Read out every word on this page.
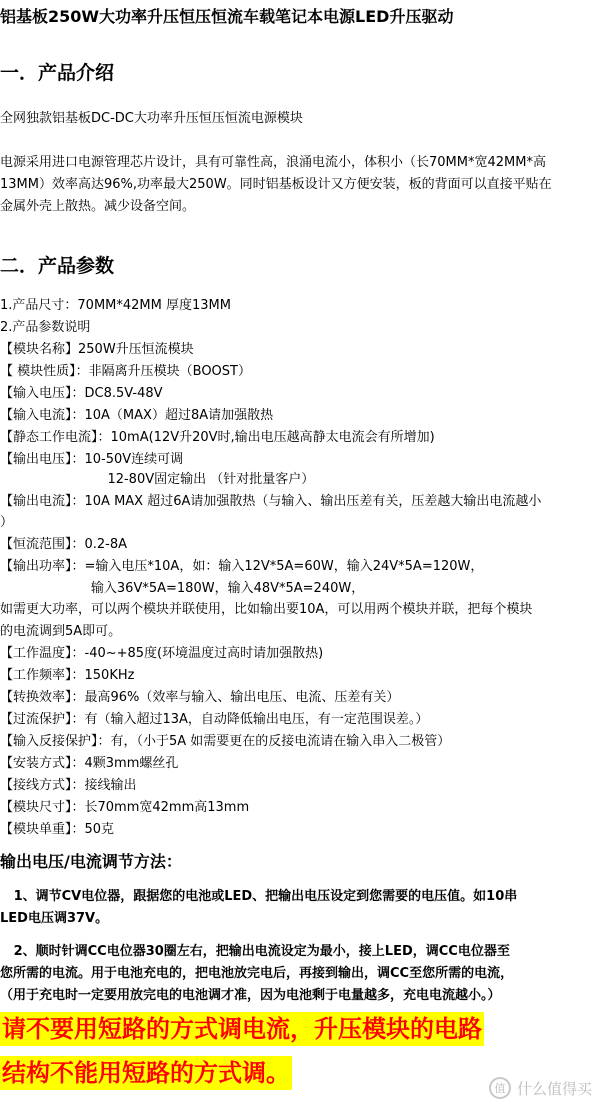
铝基板250W大功率升压恒压恒流车载笔记本电源LED升压驱动
一．产品介绍
全网独款铝基板DC-DC大功率升压恒压恒流电源模块
电源采用进口电源管理芯片设计，具有可靠性高，浪涌电流小，体积小（长70MM*宽42MM*高
13MM）效率高达96%,功率最大250W。同时铝基板设计又方便安装，板的背面可以直接平贴在
金属外壳上散热。减少设备空间。
二．产品参数
1.产品尺寸：70MM*42MM 厚度13MM
2.产品参数说明
【模块名称】250W升压恒流模块
【 模块性质】：非隔离升压模块（BOOST）
【输入电压】：DC8.5V-48V
【输入电流】：10A（MAX）超过8A请加强散热
【静态工作电流】：10mA(12V升20V时,输出电压越高静太电流会有所增加)
【输出电压】：10-50V连续可调
12-80V固定输出 （针对批量客户）
【输出电流】：10A MAX 超过6A请加强散热（与输入、输出压差有关，压差越大输出电流越小
）
【恒流范围】：0.2-8A
【输出功率】：=输入电压*10A，如：输入12V*5A=60W，输入24V*5A=120W，
输入36V*5A=180W，输入48V*5A=240W，
如需更大功率，可以两个模块并联使用，比如输出要10A，可以用两个模块并联，把每个模块
的电流调到5A即可。
【工作温度】：-40~+85度(环境温度过高时请加强散热)
【工作频率】：150KHz
【转换效率】：最高96%（效率与输入、输出电压、电流、压差有关）
【过流保护】：有（输入超过13A，自动降低输出电压，有一定范围误差。）
【输入反接保护】：有，（小于5A 如需要更在的反接电流请在输入串入二极管）
【安装方式】：4颗3mm螺丝孔
【接线方式】：接线输出
【模块尺寸】：长70mm宽42mm高13mm
【模块单重】：50克
输出电压/电流调节方法：
1、调节CV电位器，跟据您的电池或LED、把输出电压设定到您需要的电压值。如10串
LED电压调37V。
2、顺时针调CC电位器30圈左右，把输出电流设定为最小，接上LED，调CC电位器至
您所需的电流。用于电池充电的，把电池放完电后，再接到输出，调CC至您所需的电流，
（用于充电时一定要用放完电的电池调才准，因为电池剩于电量越多，充电电流越小。）
请不要用短路的方式调电流，升压模块的电路
结构不能用短路的方式调。
值 什么值得买
